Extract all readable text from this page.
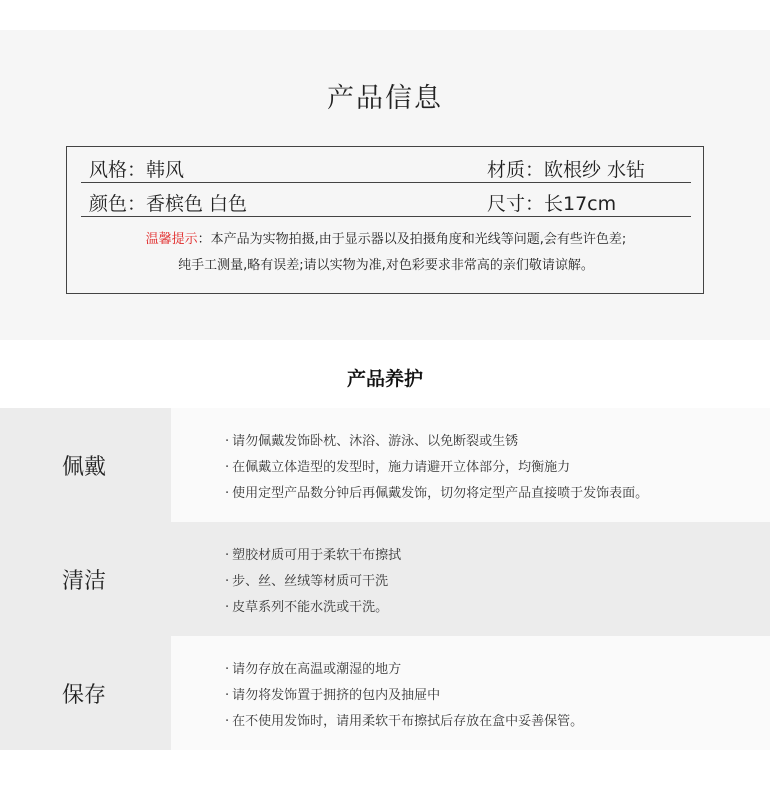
产品信息
风格：韩风	材质：欧根纱 水钻
颜色：香槟色 白色	尺寸：长17cm
温馨提示：本产品为实物拍摄,由于显示器以及拍摄角度和光线等问题,会有些许色差;
纯手工测量,略有误差;请以实物为准,对色彩要求非常高的亲们敬请谅解。
产品养护
佩戴
· 请勿佩戴发饰卧枕、沐浴、游泳、以免断裂或生锈
· 在佩戴立体造型的发型时，施力请避开立体部分，均衡施力
· 使用定型产品数分钟后再佩戴发饰，切勿将定型产品直接喷于发饰表面。
清洁
· 塑胶材质可用于柔软干布擦拭
· 步、丝、丝绒等材质可干洗
· 皮草系列不能水洗或干洗。
保存
· 请勿存放在高温或潮湿的地方
· 请勿将发饰置于拥挤的包内及抽屉中
· 在不使用发饰时，请用柔软干布擦拭后存放在盒中妥善保管。
